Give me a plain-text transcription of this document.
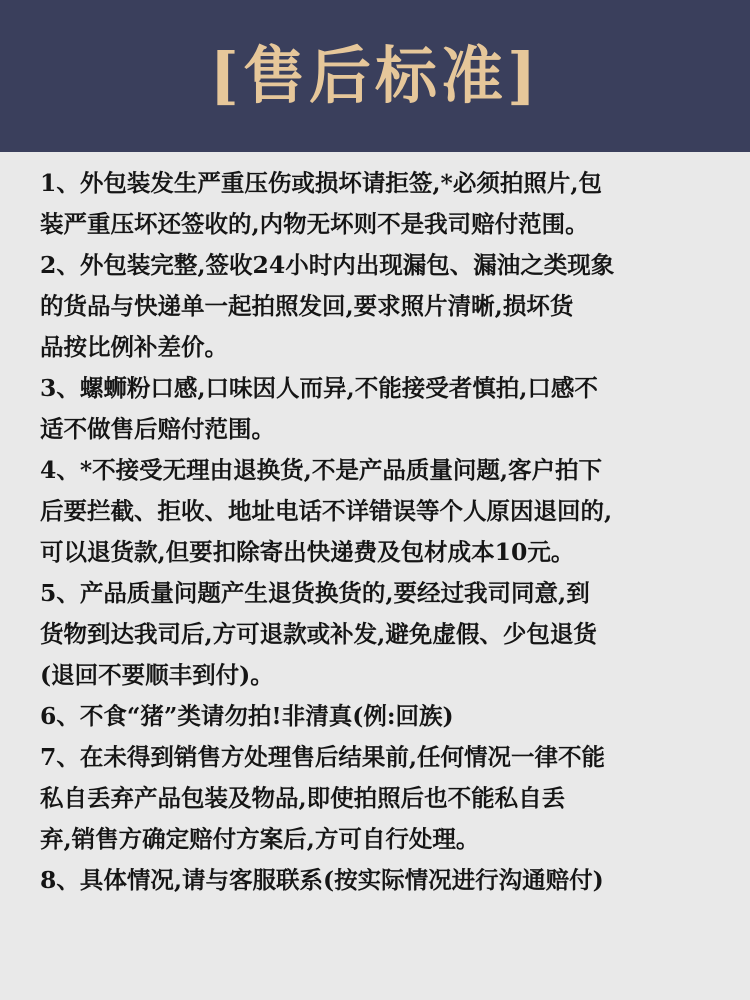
[售后标准]
1、外包装发生严重压伤或损坏请拒签,*必须拍照片,包
装严重压坏还签收的,内物无坏则不是我司赔付范围。
2、外包装完整,签收24小时内出现漏包、漏油之类现象
的货品与快递单一起拍照发回,要求照片清晰,损坏货
品按比例补差价。
3、螺蛳粉口感,口味因人而异,不能接受者慎拍,口感不
适不做售后赔付范围。
4、*不接受无理由退换货,不是产品质量问题,客户拍下
后要拦截、拒收、地址电话不详错误等个人原因退回的,
可以退货款,但要扣除寄出快递费及包材成本10元。
5、产品质量问题产生退货换货的,要经过我司同意,到
货物到达我司后,方可退款或补发,避免虚假、少包退货
(退回不要顺丰到付)。
6、不食“猪”类请勿拍!非清真(例:回族)
7、在未得到销售方处理售后结果前,任何情况一律不能
私自丢弃产品包装及物品,即使拍照后也不能私自丢
弃,销售方确定赔付方案后,方可自行处理。
8、具体情况,请与客服联系(按实际情况进行沟通赔付)
